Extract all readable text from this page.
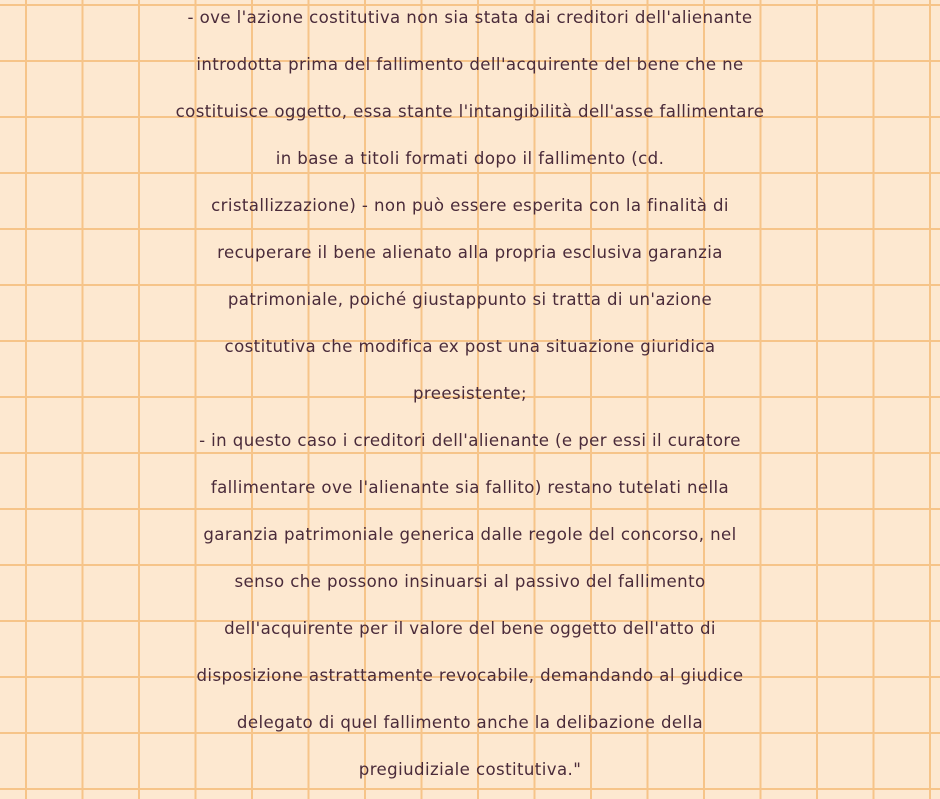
- ove l'azione costitutiva non sia stata dai creditori dell'alienante
introdotta prima del fallimento dell'acquirente del bene che ne
costituisce oggetto, essa stante l'intangibilità dell'asse fallimentare
in base a titoli formati dopo il fallimento (cd.
cristallizzazione) - non può essere esperita con la finalità di
recuperare il bene alienato alla propria esclusiva garanzia
patrimoniale, poiché giustappunto si tratta di un'azione
costitutiva che modifica ex post una situazione giuridica
preesistente;
- in questo caso i creditori dell'alienante (e per essi il curatore
fallimentare ove l'alienante sia fallito) restano tutelati nella
garanzia patrimoniale generica dalle regole del concorso, nel
senso che possono insinuarsi al passivo del fallimento
dell'acquirente per il valore del bene oggetto dell'atto di
disposizione astrattamente revocabile, demandando al giudice
delegato di quel fallimento anche la delibazione della
pregiudiziale costitutiva."
